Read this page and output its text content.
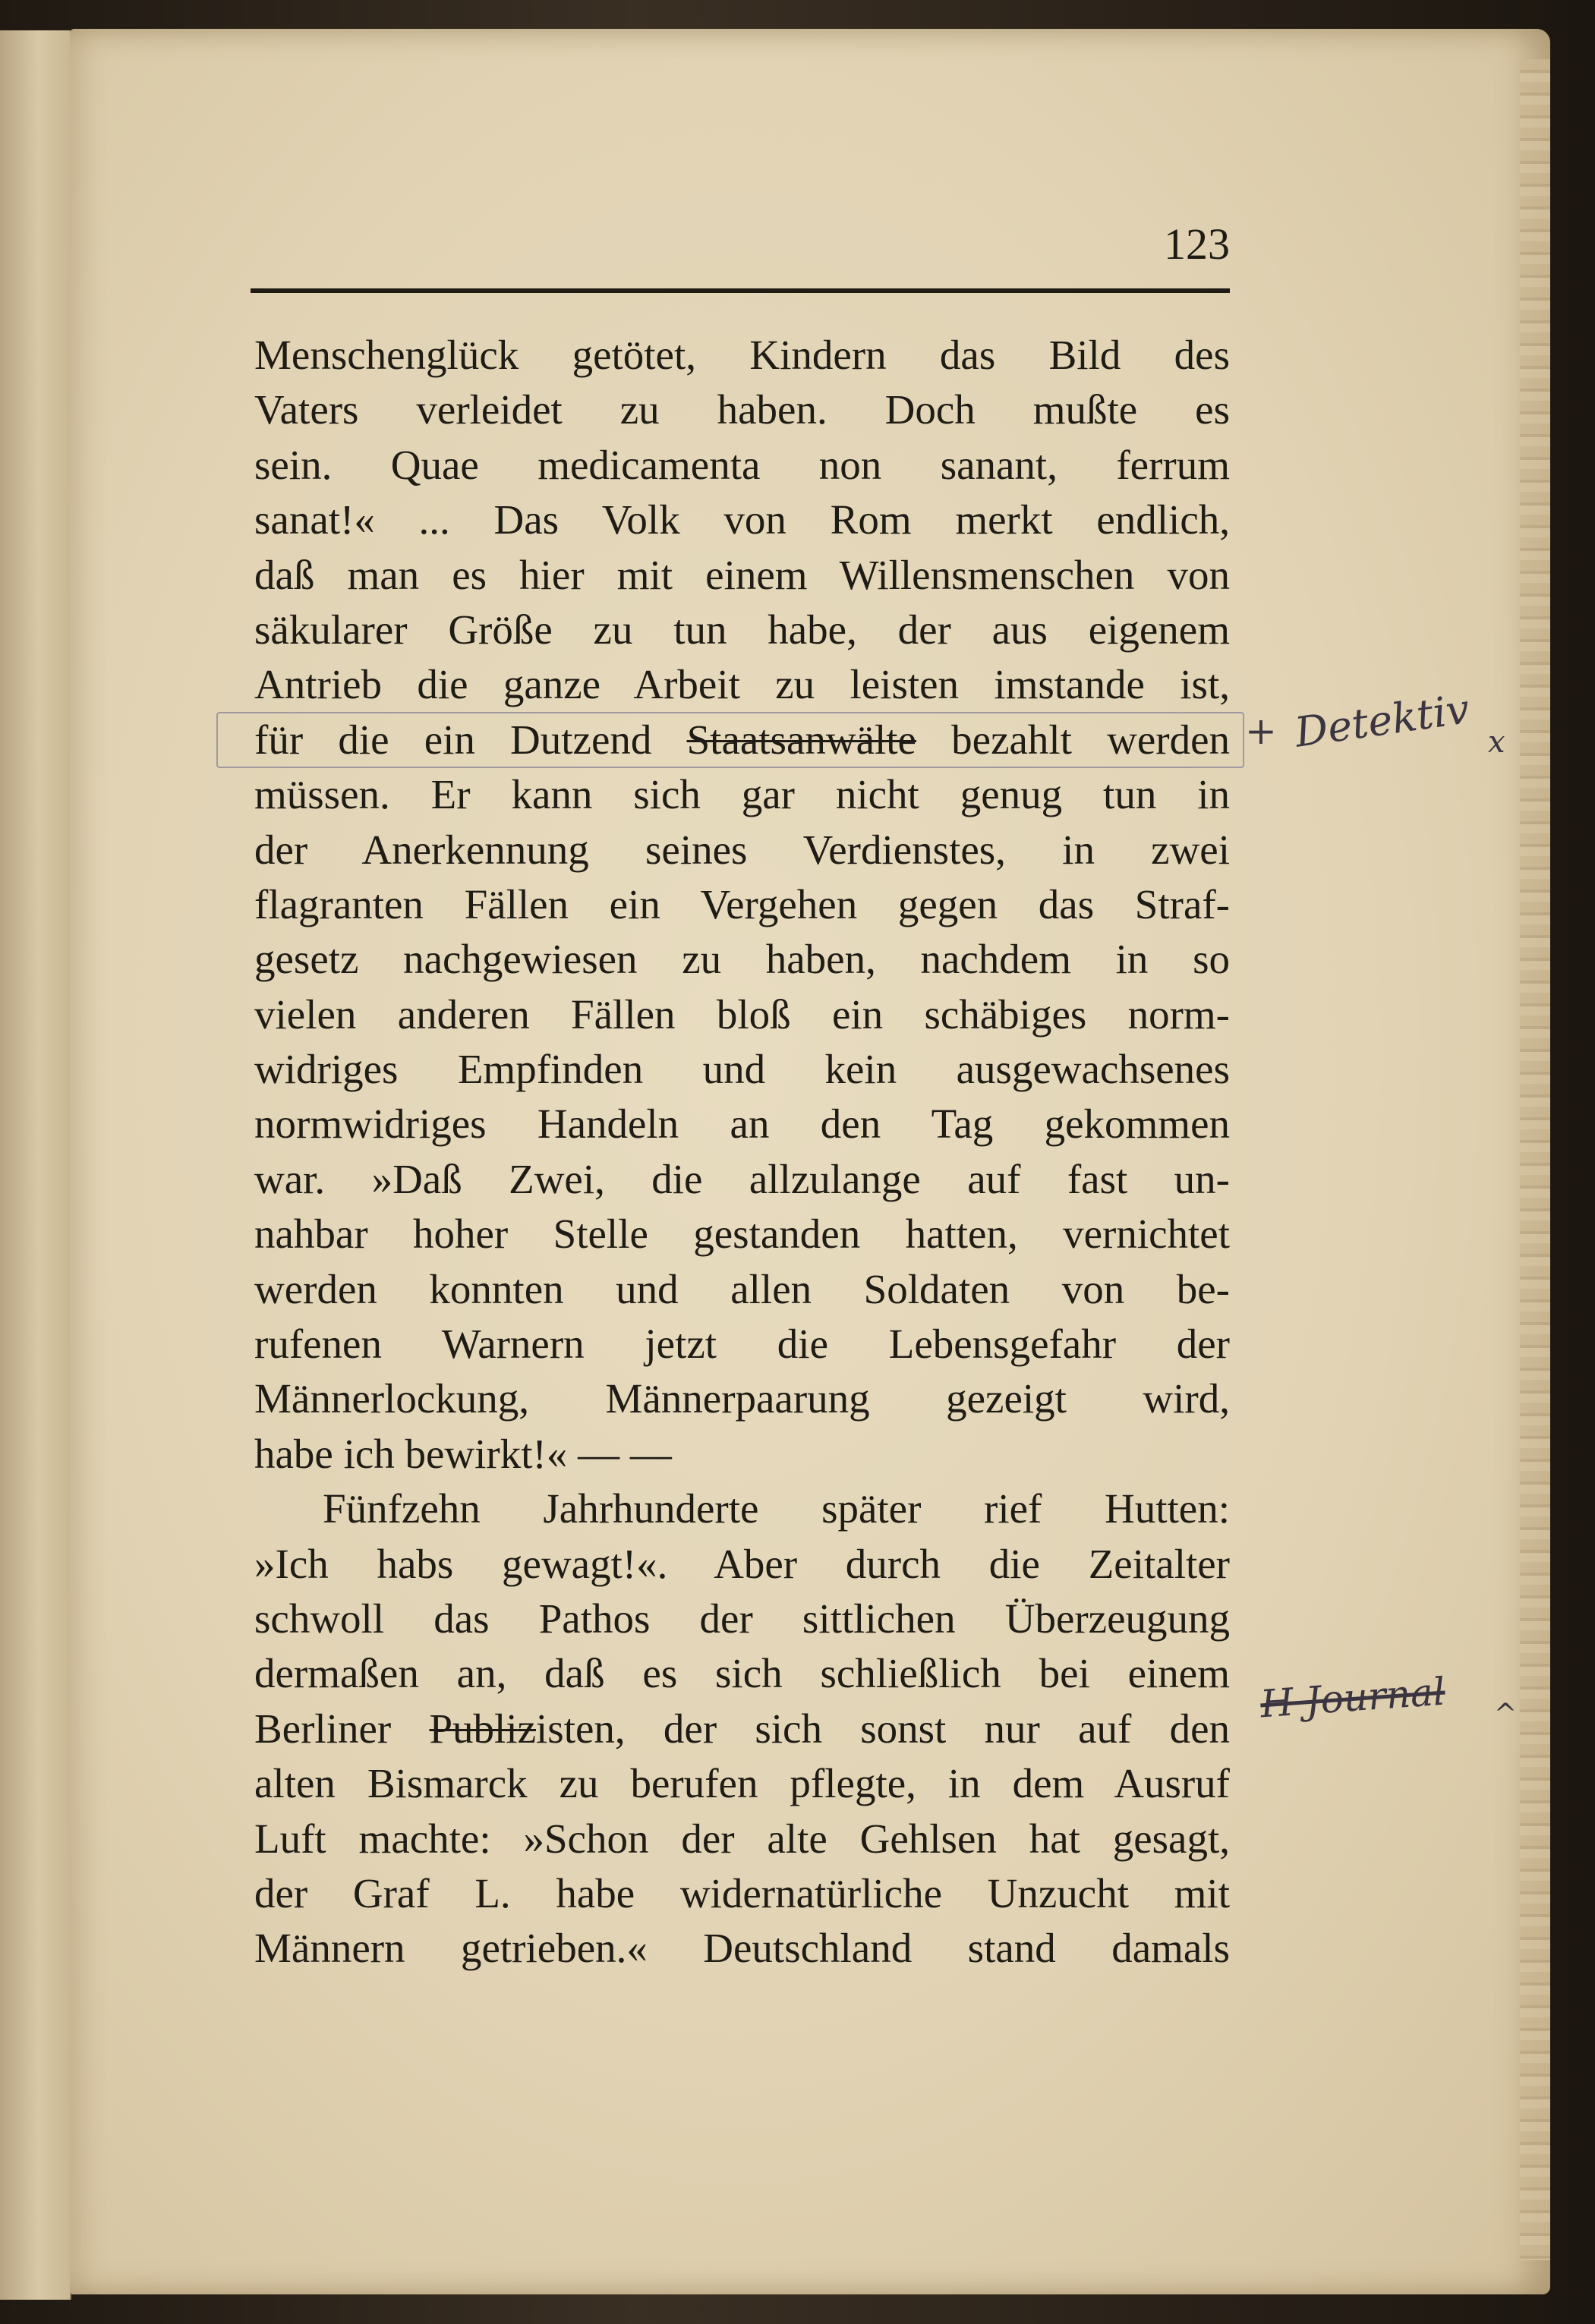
123
Menschenglück getötet, Kindern das Bild des
Vaters verleidet zu haben. Doch mußte es
sein. Quae medicamenta non sanant, ferrum
sanat!« ... Das Volk von Rom merkt endlich,
daß man es hier mit einem Willensmenschen von
säkularer Größe zu tun habe, der aus eigenem
Antrieb die ganze Arbeit zu leisten imstande ist,
für die ein Dutzend Staatsanwälte bezahlt werden
müssen. Er kann sich gar nicht genug tun in
der Anerkennung seines Verdienstes, in zwei
flagranten Fällen ein Vergehen gegen das Straf-
gesetz nachgewiesen zu haben, nachdem in so
vielen anderen Fällen bloß ein schäbiges norm-
widriges Empfinden und kein ausgewachsenes
normwidriges Handeln an den Tag gekommen
war. »Daß Zwei, die allzulange auf fast un-
nahbar hoher Stelle gestanden hatten, vernichtet
werden konnten und allen Soldaten von be-
rufenen Warnern jetzt die Lebensgefahr der
Männerlockung, Männerpaarung gezeigt wird,
habe ich bewirkt!« — —
Fünfzehn Jahrhunderte später rief Hutten:
»Ich habs gewagt!«. Aber durch die Zeitalter
schwoll das Pathos der sittlichen Überzeugung
dermaßen an, daß es sich schließlich bei einem
Berliner Publizisten, der sich sonst nur auf den
alten Bismarck zu berufen pflegte, in dem Ausruf
Luft machte: »Schon der alte Gehlsen hat gesagt,
der Graf L. habe widernatürliche Unzucht mit
Männern getrieben.« Deutschland stand damals
+ Detektiv x
H Journal ^
